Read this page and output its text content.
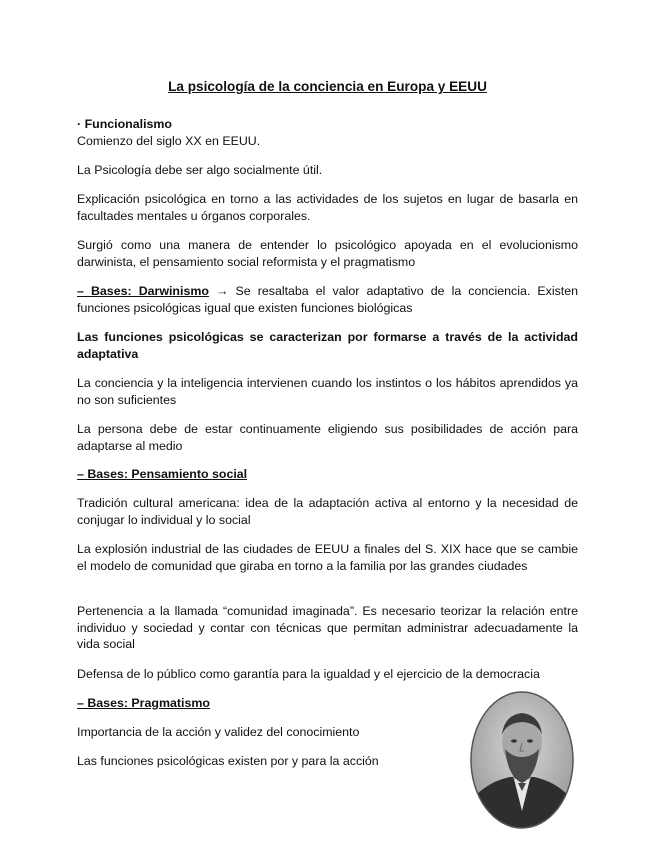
La psicología de la conciencia en Europa y EEUU

· Funcionalismo

Comienzo del siglo XX en EEUU.

La Psicología debe ser algo socialmente útil.

Explicación psicológica en torno a las actividades de los sujetos en lugar de basarla en facultades mentales u órganos corporales.

Surgió como una manera de entender lo psicológico apoyada en el evolucionismo darwinista, el pensamiento social reformista y el pragmatismo

– Bases: Darwinismo → Se resaltaba el valor adaptativo de la conciencia. Existen funciones psicológicas igual que existen funciones biológicas

Las funciones psicológicas se caracterizan por formarse a través de la actividad adaptativa

La conciencia y la inteligencia intervienen cuando los instintos o los hábitos aprendidos ya no son suficientes

La persona debe de estar continuamente eligiendo sus posibilidades de acción para adaptarse al medio

– Bases: Pensamiento social

Tradición cultural americana: idea de la adaptación activa al entorno y la necesidad de conjugar lo individual y lo social

La explosión industrial de las ciudades de EEUU a finales del S. XIX hace que se cambie el modelo de comunidad que giraba en torno a la familia por las grandes ciudades

Pertenencia a la llamada “comunidad imaginada”. Es necesario teorizar la relación entre individuo y sociedad y contar con técnicas que permitan administrar adecuadamente la vida social

Defensa de lo público como garantía para la igualdad y el ejercicio de la democracia

– Bases: Pragmatismo

Importancia de la acción y validez del conocimiento

Las funciones psicológicas existen por y para la acción
